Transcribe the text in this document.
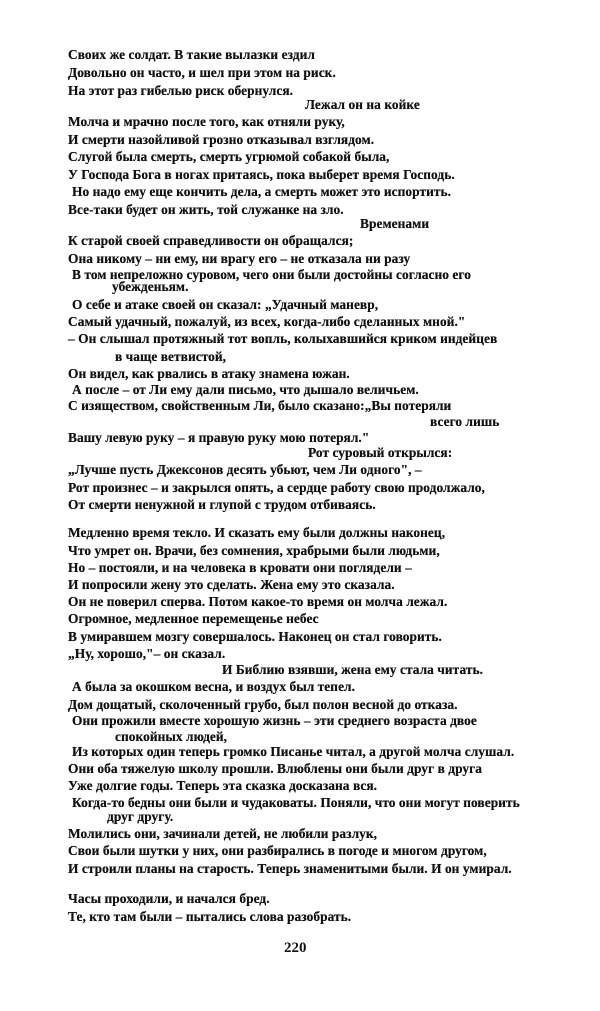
Своих же солдат. В такие вылазки ездил
Довольно он часто, и шел при этом на риск.
На этот раз гибелью риск обернулся.
Лежал он на койке
Молча и мрачно после того, как отняли руку,
И смерти назойливой грозно отказывал взглядом.
Слугой была смерть, смерть угрюмой собакой была,
У Господа Бога в ногах притаясь, пока выберет время Господь.
Но надо ему еще кончить дела, а смерть может это испортить.
Все-таки будет он жить, той служанке на зло.
Временами
К старой своей справедливости он обращался;
Она никому – ни ему, ни врагу его – не отказала ни разу
В том непреложно суровом, чего они были достойны согласно его
убежденьям.
О себе и атаке своей он сказал: „Удачный маневр,
Самый удачный, пожалуй, из всех, когда-либо сделанных мной."
– Он слышал протяжный тот вопль, колыхавшийся криком индейцев
в чаще ветвистой,
Он видел, как рвались в атаку знамена южан.
А после – от Ли ему дали письмо, что дышало величьем.
С изяществом, свойственным Ли, было сказано:„Вы потеряли
всего лишь
Вашу левую руку – я правую руку мою потерял."
Рот суровый открылся:
„Лучше пусть Джексонов десять убьют, чем Ли одного", –
Рот произнес – и закрылся опять, а сердце работу свою продолжало,
От смерти ненужной и глупой с трудом отбиваясь.
Медленно время текло. И сказать ему были должны наконец,
Что умрет он. Врачи, без сомнения, храбрыми были людьми,
Но – постояли, и на человека в кровати они поглядели –
И попросили жену это сделать. Жена ему это сказала.
Он не поверил сперва. Потом какое-то время он молча лежал.
Огромное, медленное перемещенье небес
В умиравшем мозгу совершалось. Наконец он стал говорить.
„Ну, хорошо,"– он сказал.
И Библию взявши, жена ему стала читать.
А была за окошком весна, и воздух был тепел.
Дом дощатый, сколоченный грубо, был полон весной до отказа.
Они прожили вместе хорошую жизнь – эти среднего возраста двое
спокойных людей,
Из которых один теперь громко Писанье читал, а другой молча слушал.
Они оба тяжелую школу прошли. Влюблены они были друг в друга
Уже долгие годы. Теперь эта сказка досказана вся.
Когда-то бедны они были и чудаковаты. Поняли, что они могут поверить
друг другу.
Молились они, зачинали детей, не любили разлук,
Свои были шутки у них, они разбирались в погоде и многом другом,
И строили планы на старость. Теперь знаменитыми были. И он умирал.
Часы проходили, и начался бред.
Те, кто там были – пытались слова разобрать.
220
